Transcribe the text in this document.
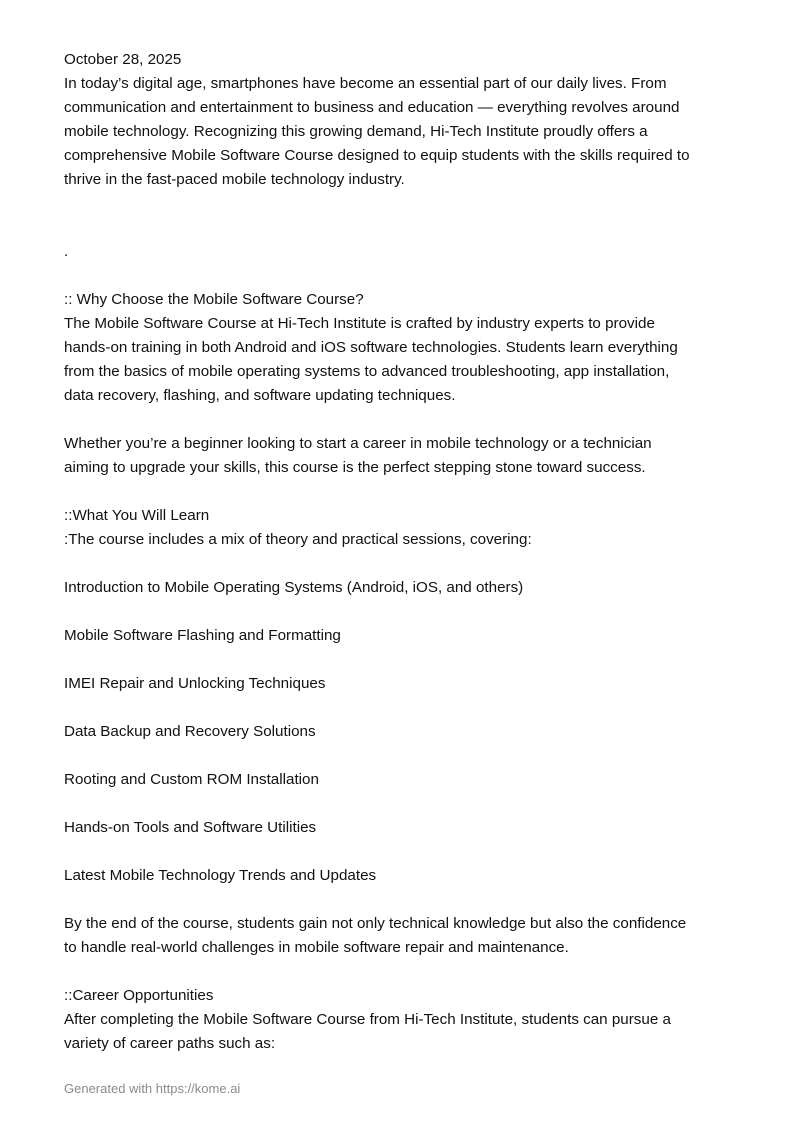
October 28, 2025
In today’s digital age, smartphones have become an essential part of our daily lives. From
communication and entertainment to business and education — everything revolves around
mobile technology. Recognizing this growing demand, Hi-Tech Institute proudly offers a
comprehensive Mobile Software Course designed to equip students with the skills required to
thrive in the fast-paced mobile technology industry.
.
:: Why Choose the Mobile Software Course?
The Mobile Software Course at Hi-Tech Institute is crafted by industry experts to provide
hands-on training in both Android and iOS software technologies. Students learn everything
from the basics of mobile operating systems to advanced troubleshooting, app installation,
data recovery, flashing, and software updating techniques.
Whether you’re a beginner looking to start a career in mobile technology or a technician
aiming to upgrade your skills, this course is the perfect stepping stone toward success.
::What You Will Learn
:The course includes a mix of theory and practical sessions, covering:
Introduction to Mobile Operating Systems (Android, iOS, and others)
Mobile Software Flashing and Formatting
IMEI Repair and Unlocking Techniques
Data Backup and Recovery Solutions
Rooting and Custom ROM Installation
Hands-on Tools and Software Utilities
Latest Mobile Technology Trends and Updates
By the end of the course, students gain not only technical knowledge but also the confidence
to handle real-world challenges in mobile software repair and maintenance.
::Career Opportunities
After completing the Mobile Software Course from Hi-Tech Institute, students can pursue a
variety of career paths such as:
Generated with https://kome.ai
